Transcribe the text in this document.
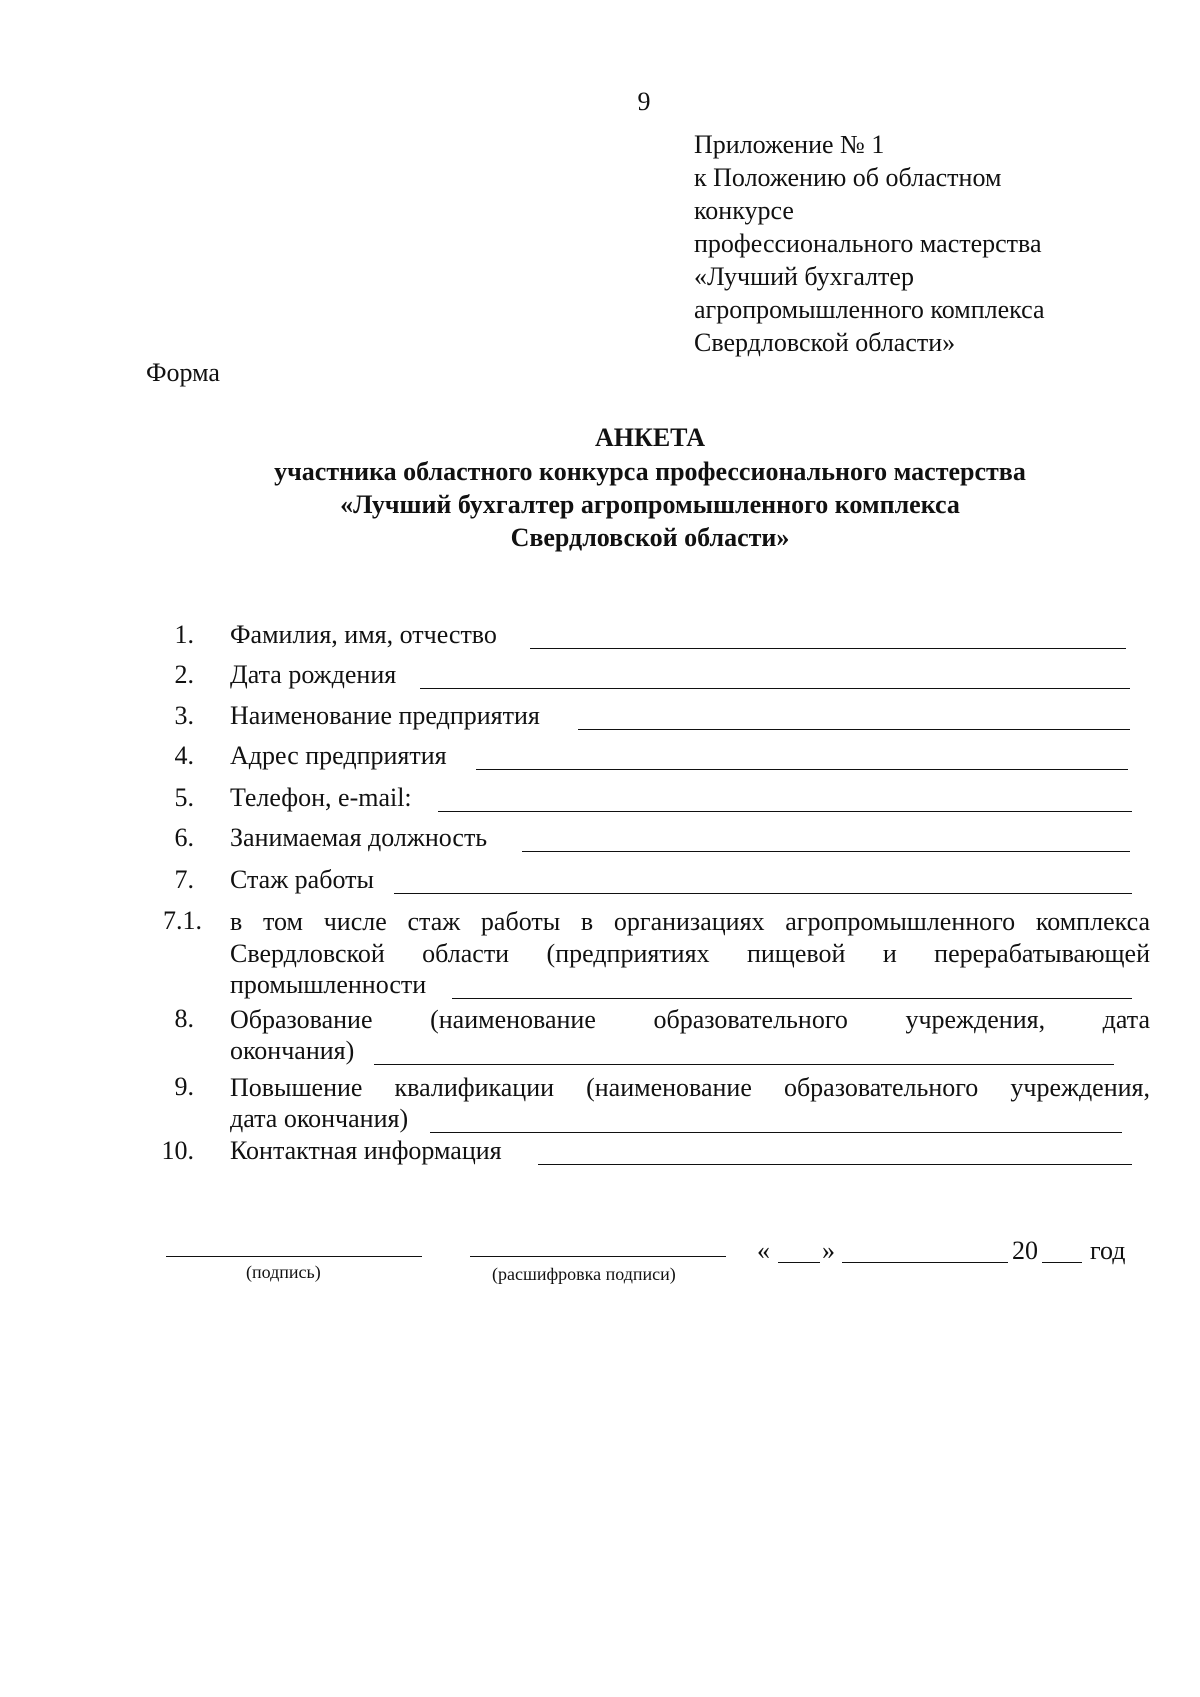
9
Приложение № 1
к Положению об областном
конкурсе
профессионального мастерства
«Лучший бухгалтер
агропромышленного комплекса
Свердловской области»
Форма
АНКЕТА
участника областного конкурса профессионального мастерства
«Лучший бухгалтер агропромышленного комплекса
Свердловской области»
1. Фамилия, имя, отчество
2. Дата рождения
3. Наименование предприятия
4. Адрес предприятия
5. Телефон, e-mail:
6. Занимаемая должность
7. Стаж работы
7.1. в том числе стаж работы в организациях агропромышленного комплекса
Свердловской области (предприятиях пищевой и перерабатывающей
промышленности
8. Образование (наименование образовательного учреждения, дата
окончания)
9. Повышение квалификации (наименование образовательного учреждения,
дата окончания)
10. Контактная информация
(подпись)	(расшифровка подписи)
« »	20 год
